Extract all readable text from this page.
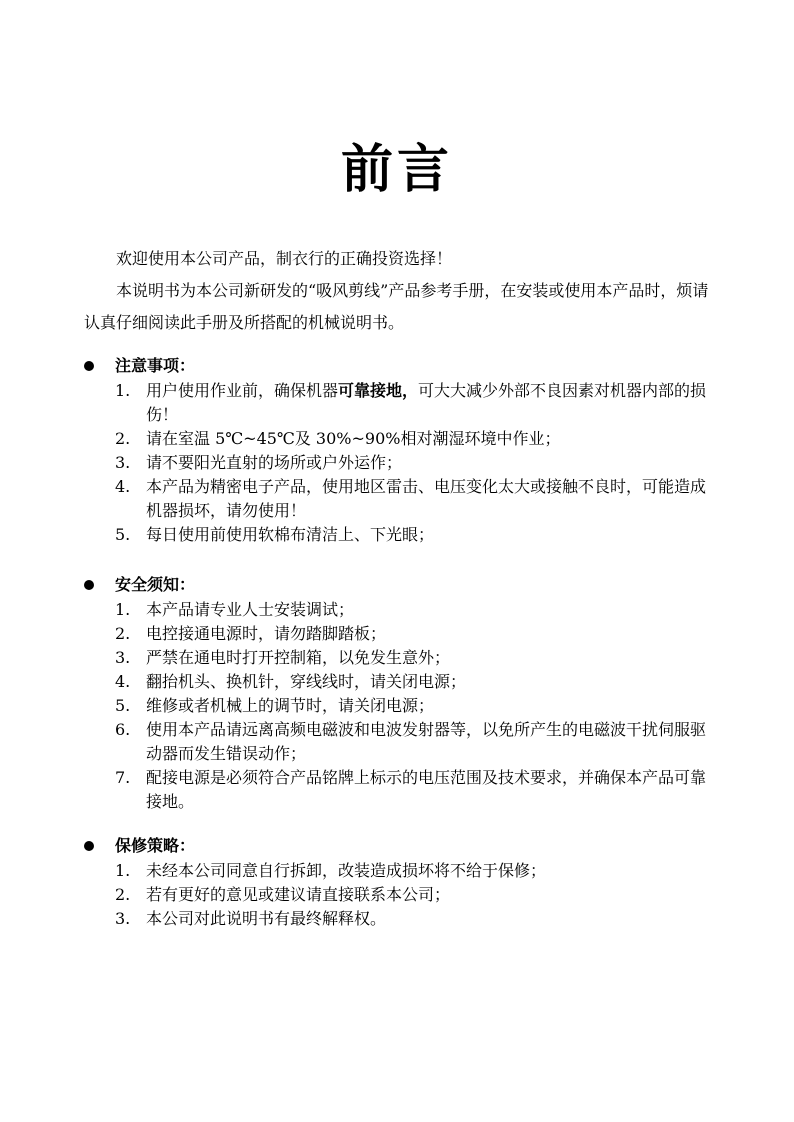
前言

欢迎使用本公司产品，制衣行的正确投资选择！

本说明书为本公司新研发的“吸风剪线”产品参考手册，在安装或使用本产品时，烦请认真仔细阅读此手册及所搭配的机械说明书。

注意事项：
1. 用户使用作业前，确保机器可靠接地，可大大减少外部不良因素对机器内部的损伤！
2. 请在室温 5℃~45℃及 30%~90%相对潮湿环境中作业；
3. 请不要阳光直射的场所或户外运作；
4. 本产品为精密电子产品，使用地区雷击、电压变化太大或接触不良时，可能造成机器损坏，请勿使用！
5. 每日使用前使用软棉布清洁上、下光眼；
安全须知：
1. 本产品请专业人士安装调试；
2. 电控接通电源时，请勿踏脚踏板；
3. 严禁在通电时打开控制箱，以免发生意外；
4. 翻抬机头、换机针，穿线线时，请关闭电源；
5. 维修或者机械上的调节时，请关闭电源；
6. 使用本产品请远离高频电磁波和电波发射器等，以免所产生的电磁波干扰伺服驱动器而发生错误动作；
7. 配接电源是必须符合产品铭牌上标示的电压范围及技术要求，并确保本产品可靠接地。
保修策略：
1. 未经本公司同意自行拆卸，改装造成损坏将不给于保修；
2. 若有更好的意见或建议请直接联系本公司；
3. 本公司对此说明书有最终解释权。
